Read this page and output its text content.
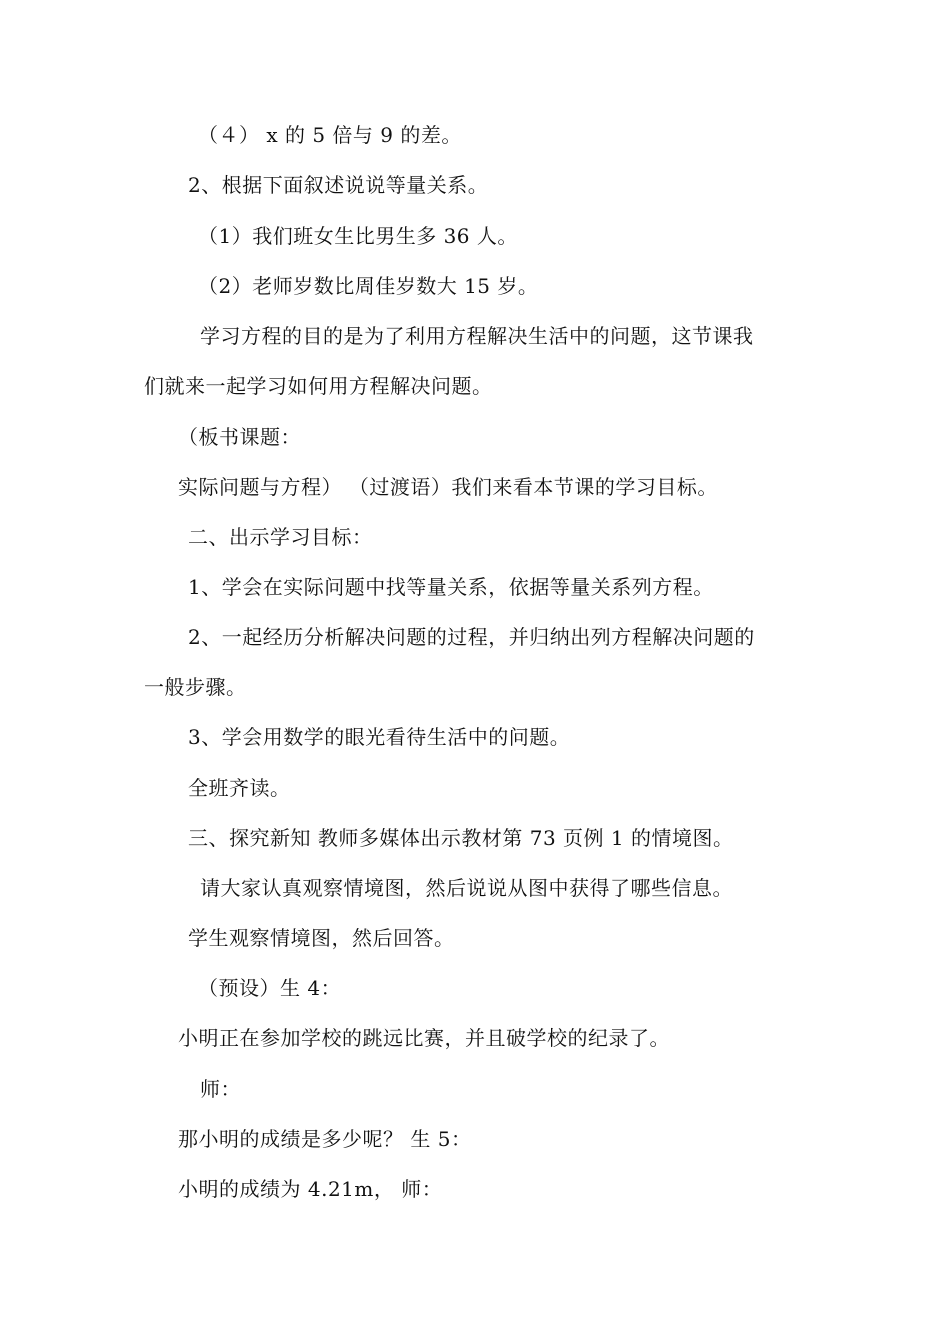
（４） x 的 5 倍与 9 的差。
2、根据下面叙述说说等量关系。
（1）我们班女生比男生多 36 人。
（2）老师岁数比周佳岁数大 15 岁。
学习方程的目的是为了利用方程解决生活中的问题，这节课我
们就来一起学习如何用方程解决问题。
（板书课题：
实际问题与方程） （过渡语）我们来看本节课的学习目标。
二、出示学习目标：
1、学会在实际问题中找等量关系，依据等量关系列方程。
2、一起经历分析解决问题的过程，并归纳出列方程解决问题的
一般步骤。
3、学会用数学的眼光看待生活中的问题。
全班齐读。
三、探究新知 教师多媒体出示教材第 73 页例 1 的情境图。
请大家认真观察情境图，然后说说从图中获得了哪些信息。
学生观察情境图，然后回答。
（预设）生 4：
小明正在参加学校的跳远比赛，并且破学校的纪录了。
师：
那小明的成绩是多少呢？ 生 5：
小明的成绩为 4.21m， 师：
